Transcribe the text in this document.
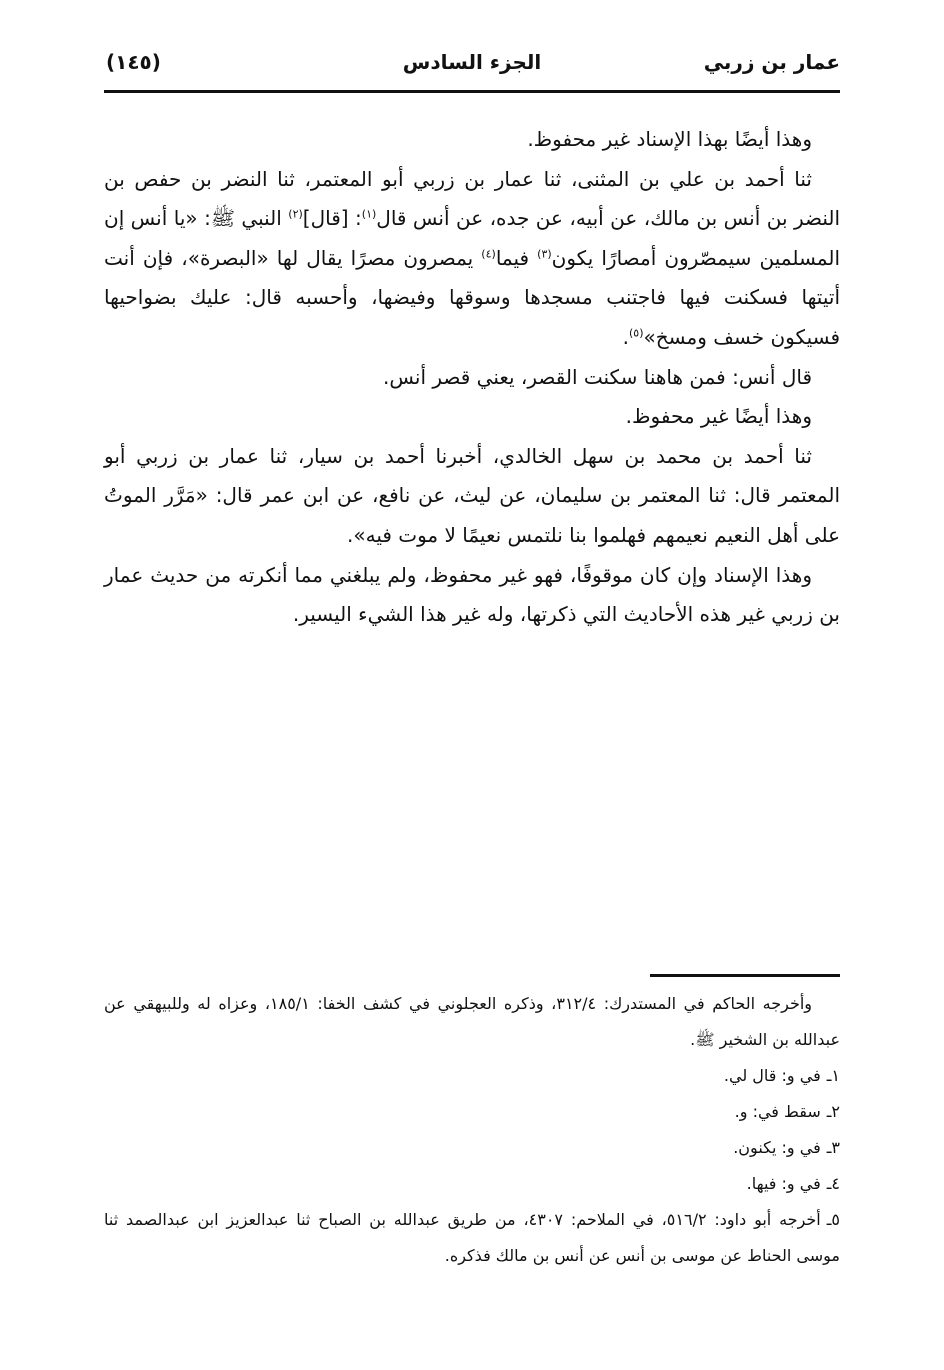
عمار بن زربي
الجزء السادس
(١٤٥)

وهذا أيضًا بهذا الإسناد غير محفوظ.

ثنا أحمد بن علي بن المثنى، ثنا عمار بن زربي أبو المعتمر، ثنا النضر بن حفص بن النضر بن أنس بن مالك، عن أبيه، عن جده، عن أنس قال$^{(١)}$: [قال]$^{(٢)}$ النبي ﷺ: «يا أنس إن المسلمين سيمصّرون أمصارًا يكون$^{(٣)}$ فيما$^{(٤)}$ يمصرون مصرًا يقال لها «البصرة»، فإن أنت أتيتها فسكنت فيها فاجتنب مسجدها وسوقها وفيضها، وأحسبه قال: عليك بضواحيها فسيكون خسف ومسخ»$^{(٥)}$.

قال أنس: فمن هاهنا سكنت القصر، يعني قصر أنس.

وهذا أيضًا غير محفوظ.

ثنا أحمد بن محمد بن سهل الخالدي، أخبرنا أحمد بن سيار، ثنا عمار بن زربي أبو المعتمر قال: ثنا المعتمر بن سليمان، عن ليث، عن نافع، عن ابن عمر قال: «مَرَّر الموتُ على أهل النعيم نعيمهم فهلموا بنا نلتمس نعيمًا لا موت فيه».

وهذا الإسناد وإن كان موقوفًا، فهو غير محفوظ، ولم يبلغني مما أنكرته من حديث عمار بن زربي غير هذه الأحاديث التي ذكرتها، وله غير هذا الشيء اليسير.

وأخرجه الحاكم في المستدرك: ٣١٢/٤، وذكره العجلوني في كشف الخفا: ١٨٥/١، وعزاه له وللبيهقي عن عبدالله بن الشخير ﷺ.

١ـفي و: قال لي.

٢ـسقط في: و.

٣ـفي و: يكنون.

٤ـفي و: فيها.

٥ـأخرجه أبو داود: ٥١٦/٢، في الملاحم: ٤٣٠٧، من طريق عبدالله بن الصباح ثنا عبدالعزيز ابن عبدالصمد ثنا موسى الحناط عن موسى بن أنس عن أنس بن مالك فذكره.
